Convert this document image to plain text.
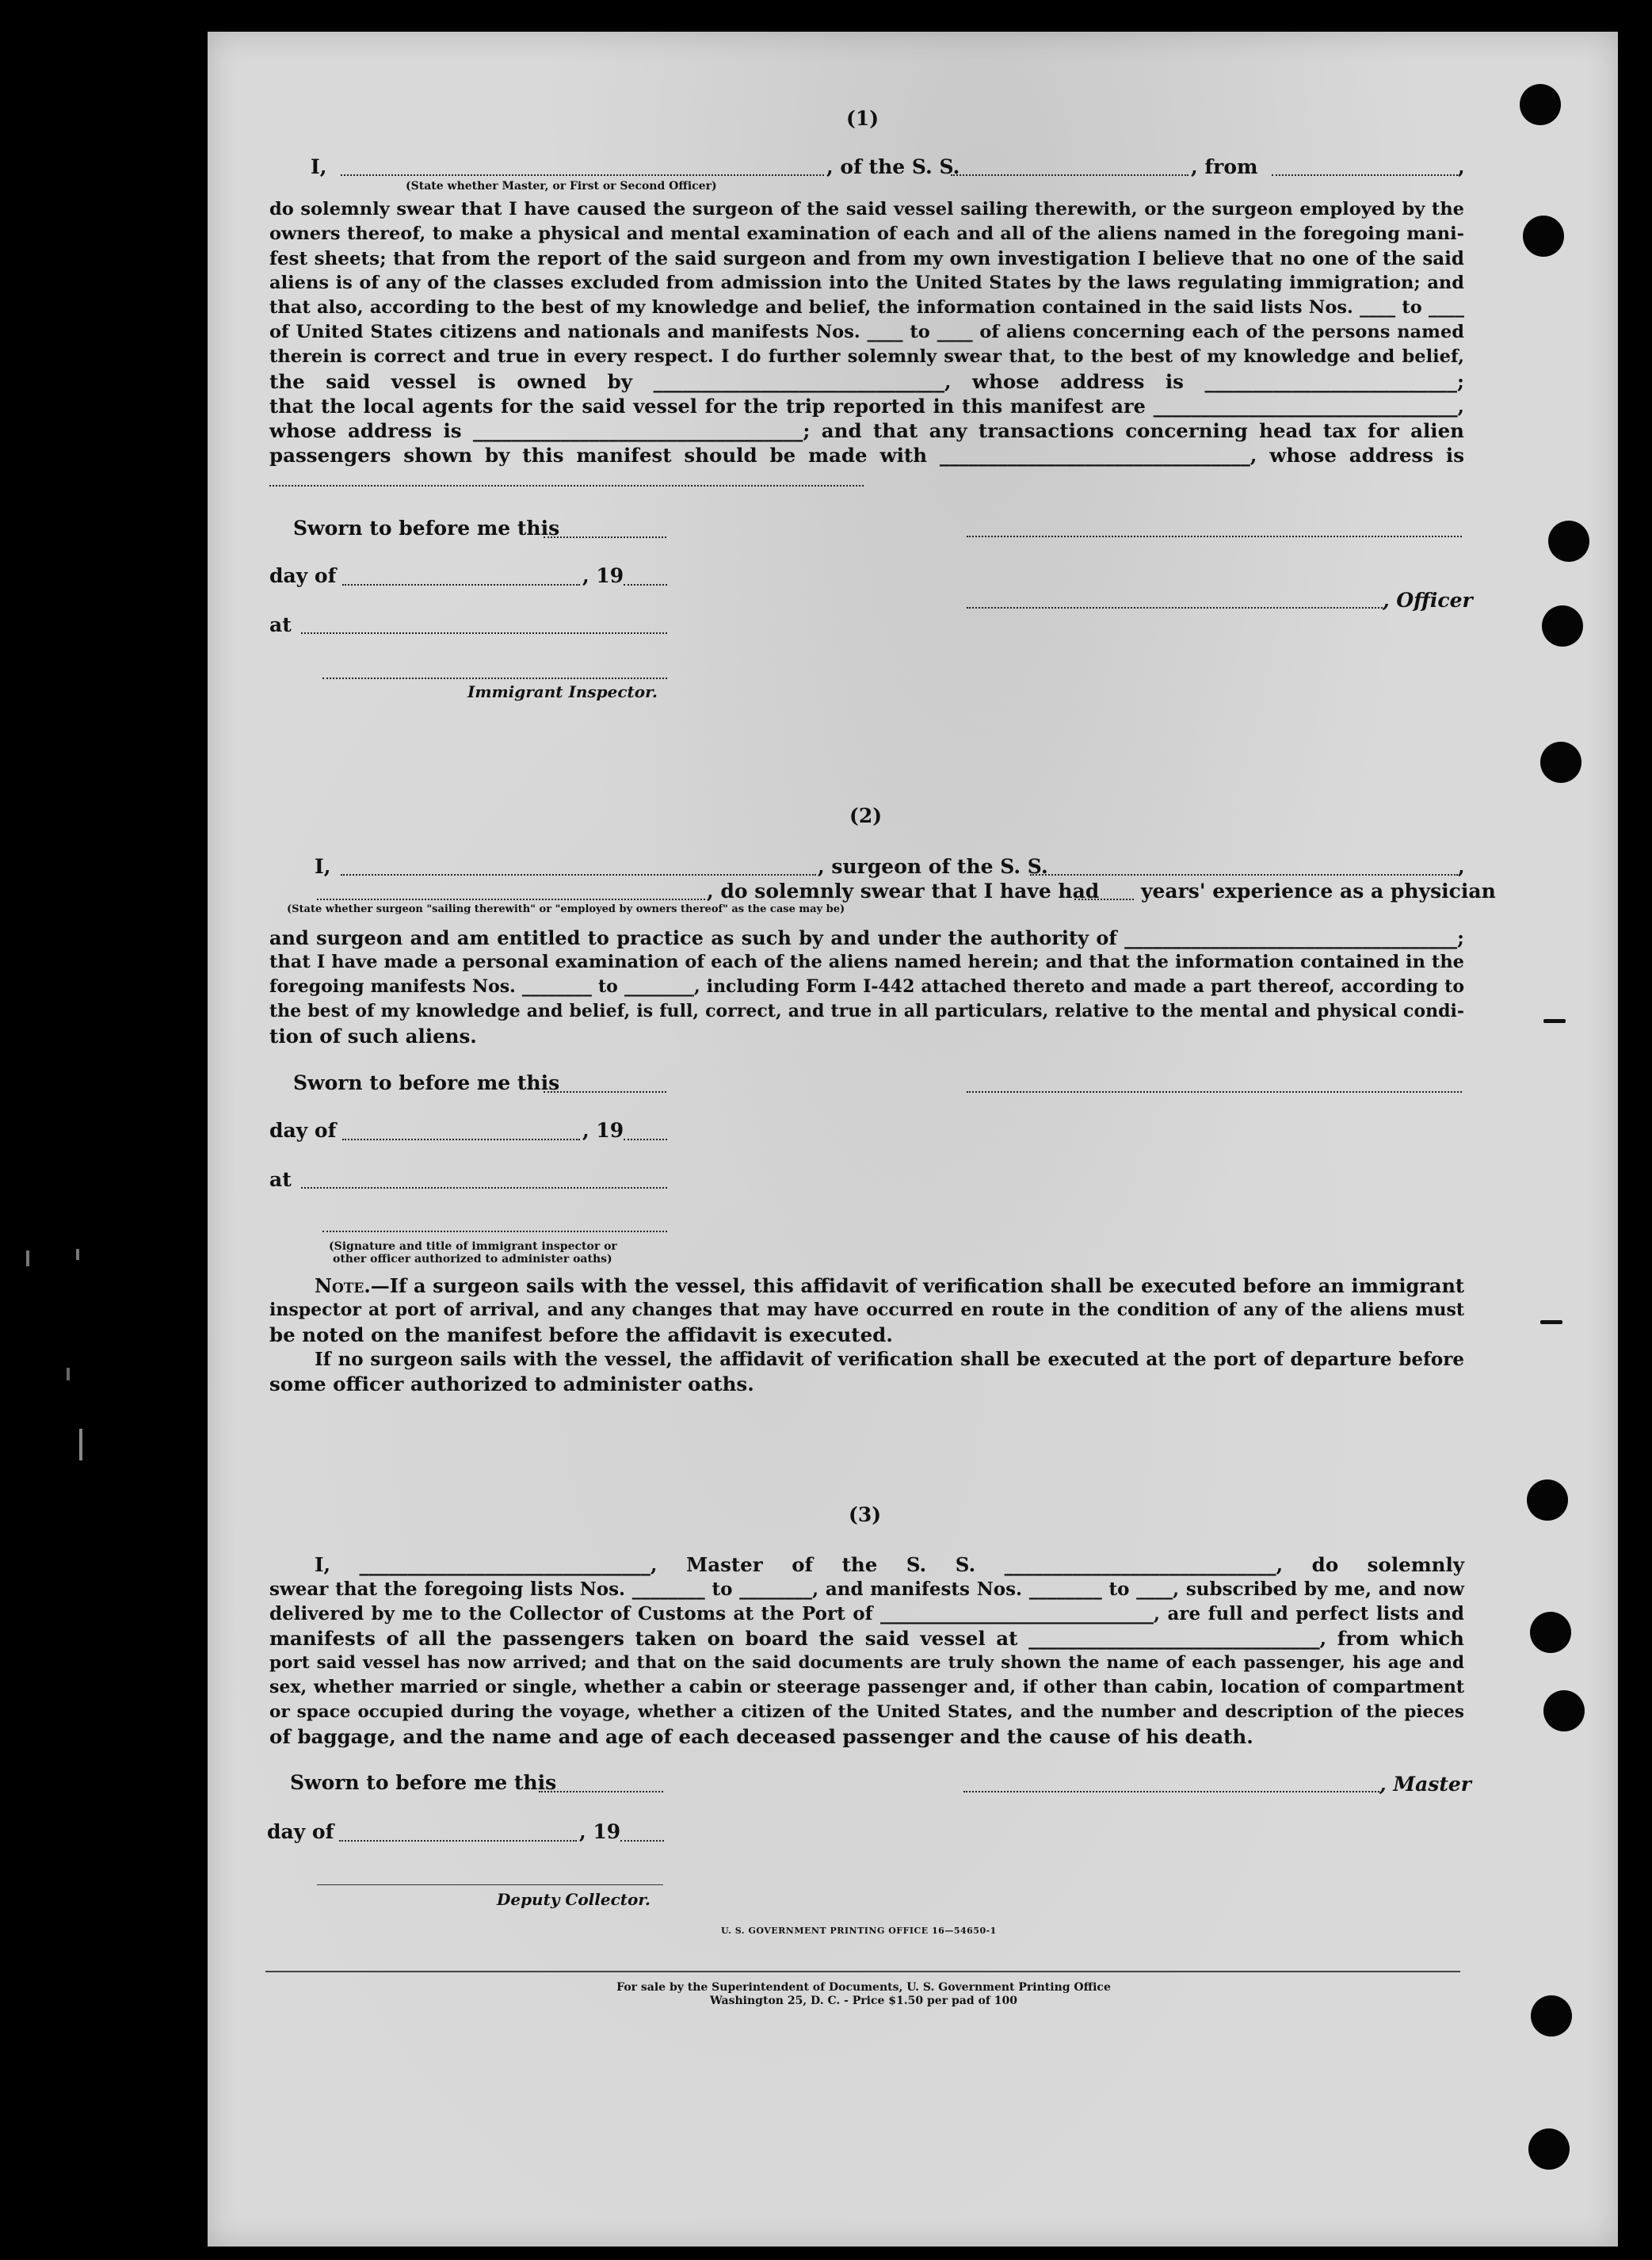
(1)
I,	, of the S. S.	, from	,
(State whether Master, or First or Second Officer)
do solemnly swear that I have caused the surgeon of the said vessel sailing therewith, or the surgeon employed by the
owners thereof, to make a physical and mental examination of each and all of the aliens named in the foregoing mani-
fest sheets; that from the report of the said surgeon and from my own investigation I believe that no one of the said
aliens is of any of the classes excluded from admission into the United States by the laws regulating immigration; and
that also, according to the best of my knowledge and belief, the information contained in the said lists Nos. ____ to ____
of United States citizens and nationals and manifests Nos. ____ to ____ of aliens concerning each of the persons named
therein is correct and true in every respect. I do further solemnly swear that, to the best of my knowledge and belief,
the said vessel is owned by ______________________________, whose address is __________________________;
that the local agents for the said vessel for the trip reported in this manifest are ________________________________,
whose address is __________________________________; and that any transactions concerning head tax for alien
passengers shown by this manifest should be made with ________________________________, whose address is
Sworn to before me this
day of	, 19
at
Immigrant Inspector.
, Officer
(2)
I,	, surgeon of the S. S.	,
, do solemnly swear that I have had years' experience as a physician
(State whether surgeon "sailing therewith" or "employed by owners thereof" as the case may be)
and surgeon and am entitled to practice as such by and under the authority of ___________________________________;
that I have made a personal examination of each of the aliens named herein; and that the information contained in the
foregoing manifests Nos. ________ to ________, including Form I-442 attached thereto and made a part thereof, according to
the best of my knowledge and belief, is full, correct, and true in all particulars, relative to the mental and physical condi-
tion of such aliens.
Sworn to before me this
day of	, 19
at
(Signature and title of immigrant inspector or
other officer authorized to administer oaths)
Note.—If a surgeon sails with the vessel, this affidavit of verification shall be executed before an immigrant
inspector at port of arrival, and any changes that may have occurred en route in the condition of any of the aliens must
be noted on the manifest before the affidavit is executed.
If no surgeon sails with the vessel, the affidavit of verification shall be executed at the port of departure before
some officer authorized to administer oaths.
(3)
I, ______________________________, Master of the S. S. ____________________________, do solemnly
swear that the foregoing lists Nos. ________ to ________, and manifests Nos. ________ to ____, subscribed by me, and now
delivered by me to the Collector of Customs at the Port of ______________________________, are full and perfect lists and
manifests of all the passengers taken on board the said vessel at ______________________________, from which
port said vessel has now arrived; and that on the said documents are truly shown the name of each passenger, his age and
sex, whether married or single, whether a cabin or steerage passenger and, if other than cabin, location of compartment
or space occupied during the voyage, whether a citizen of the United States, and the number and description of the pieces
of baggage, and the name and age of each deceased passenger and the cause of his death.
Sworn to before me this	, Master
day of	, 19
Deputy Collector.
U. S. GOVERNMENT PRINTING OFFICE 16—54650-1
For sale by the Superintendent of Documents, U. S. Government Printing Office
Washington 25, D. C. - Price $1.50 per pad of 100
